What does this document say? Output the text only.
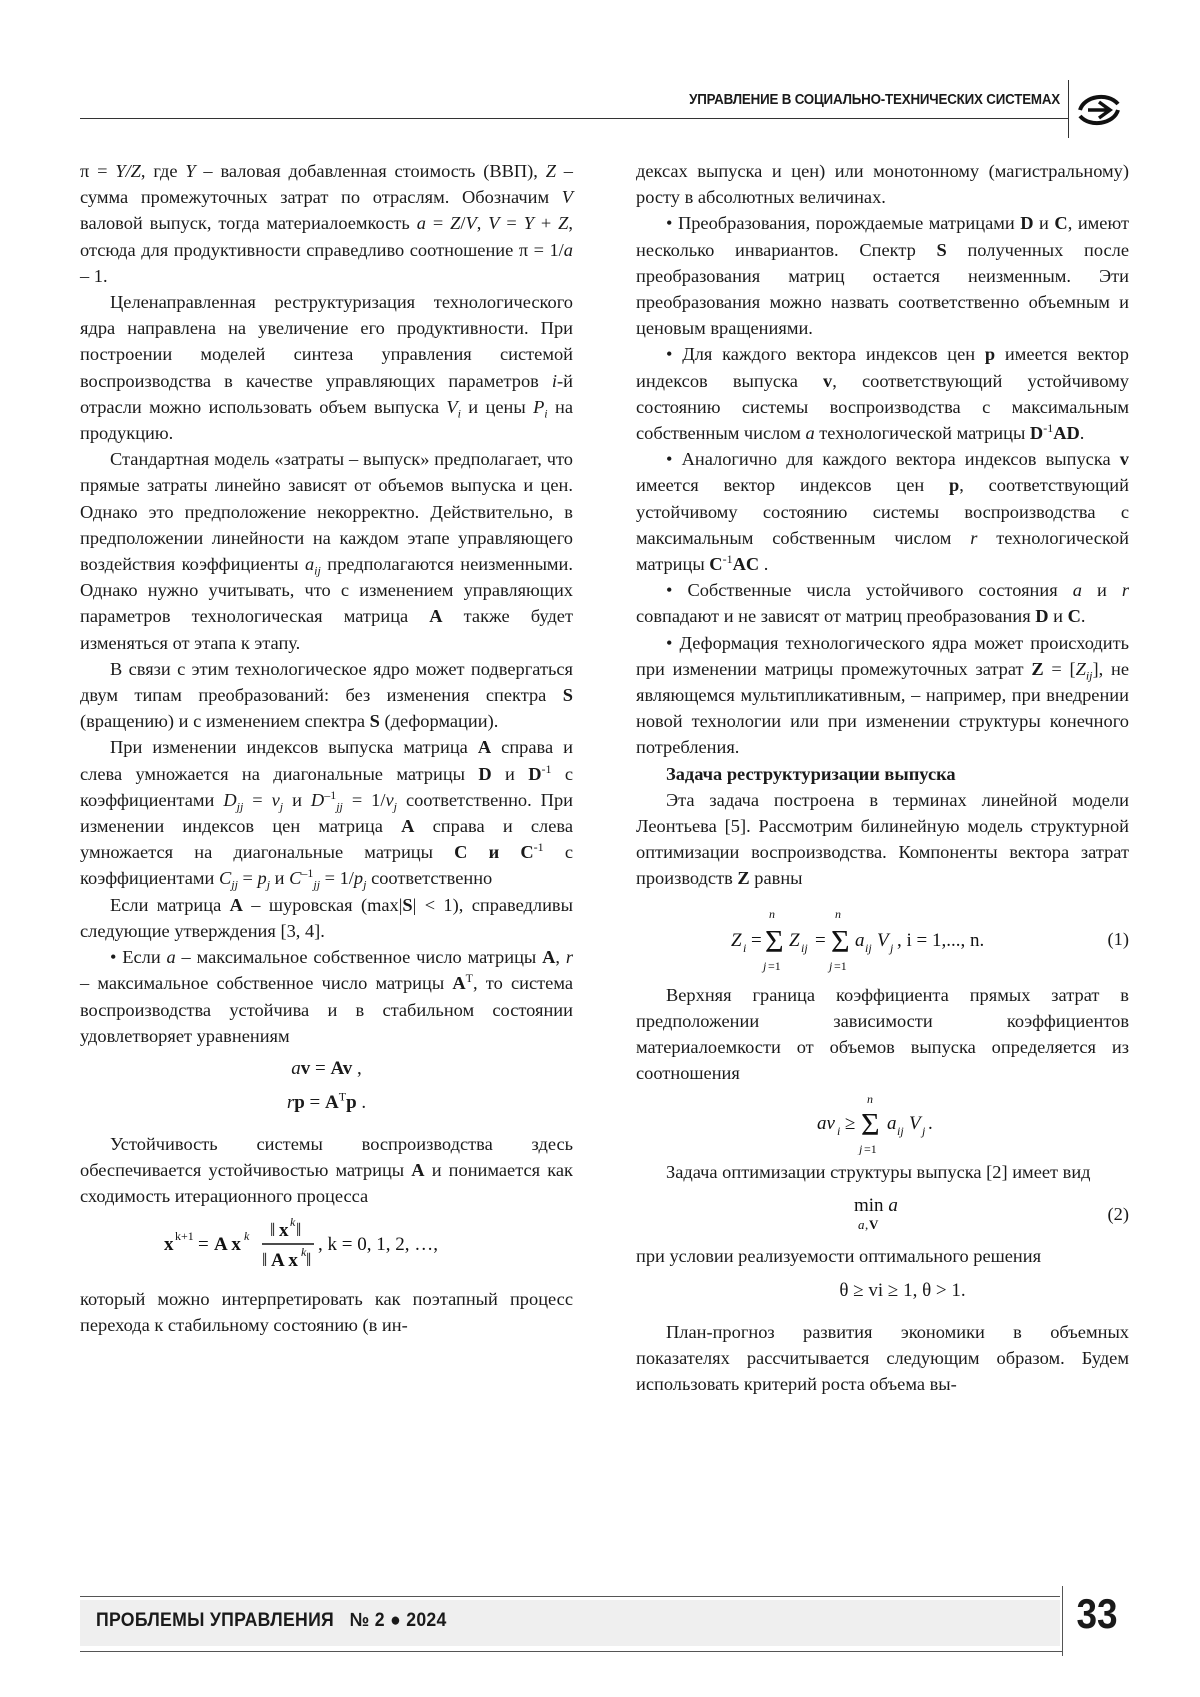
УПРАВЛЕНИЕ В СОЦИАЛЬНО-ТЕХНИЧЕСКИХ СИСТЕМАХ

π = Y/Z, где Y – валовая добавленная стоимость (ВВП), Z – сумма промежуточных затрат по отраслям. Обозначим V валовой выпуск, тогда материалоемкость a = Z/V, V = Y + Z, отсюда для продуктивности справедливо соотношение π = 1/a – 1.

Целенаправленная реструктуризация технологического ядра направлена на увеличение его продуктивности. При построении моделей синтеза управления системой воспроизводства в качестве управляющих параметров i-й отрасли можно использовать объем выпуска $V_i$ и цены $P_i$ на продукцию.

Стандартная модель «затраты – выпуск» предполагает, что прямые затраты линейно зависят от объемов выпуска и цен. Однако это предположение некорректно. Действительно, в предположении линейности на каждом этапе управляющего воздействия коэффициенты $a_{ij}$ предполагаются неизменными. Однако нужно учитывать, что с изменением управляющих параметров технологическая матрица A также будет изменяться от этапа к этапу.

В связи с этим технологическое ядро может подвергаться двум типам преобразований: без изменения спектра S (вращению) и с изменением спектра S (деформации).

При изменении индексов выпуска матрица A справа и слева умножается на диагональные матрицы D и $D^{-1}$ с коэффициентами $D_{jj} = v_j$ и $D^{-1}_{jj} = 1/v_j$ соответственно. При изменении индексов цен матрица A справа и слева умножается на диагональные матрицы C и $C^{-1}$ с коэффициентами $C_{jj} = p_j$ и $C^{-1}_{jj} = 1/p_j$ соответственно

Если матрица A – шуровская (max|S| < 1), справедливы следующие утверждения [3, 4].

• Если a – максимальное собственное число матрицы A, r – максимальное собственное число матрицы $A^T$, то система воспроизводства устойчива и в стабильном состоянии удовлетворяет уравнениям

av = Av ,
rp = $A^Tp$ .

Устойчивость системы воспроизводства здесь обеспечивается устойчивостью матрицы A и понимается как сходимость итерационного процесса

x k+1 = A x k ‖ x k ‖
‖ A x k ‖
, k = 0, 1, 2, …,

который можно интерпретировать как поэтапный процесс перехода к стабильному состоянию (в ин-

дексах выпуска и цен) или монотонному (магистральному) росту в абсолютных величинах.

• Преобразования, порождаемые матрицами D и C, имеют несколько инвариантов. Спектр S полученных после преобразования матриц остается неизменным. Эти преобразования можно назвать соответственно объемным и ценовым вращениями.

• Для каждого вектора индексов цен p имеется вектор индексов выпуска v, соответствующий устойчивому состоянию системы воспроизводства с максимальным собственным числом a технологической матрицы $D^{-1}AD$.

• Аналогично для каждого вектора индексов выпуска v имеется вектор индексов цен p, соответствующий устойчивому состоянию системы воспроизводства с максимальным собственным числом r технологической матрицы $C^{-1}AC$ .

• Собственные числа устойчивого состояния a и r совпадают и не зависят от матриц преобразования D и C.

• Деформация технологического ядра может происходить при изменении матрицы промежуточных затрат $Z = [Z_{ij}]$, не являющемся мультипликативным, – например, при внедрении новой технологии или при изменении структуры конечного потребления.

Задача реструктуризации выпуска

Эта задача построена в терминах линейной модели Леонтьева [5]. Рассмотрим билинейную модель структурной оптимизации воспроизводства. Компоненты вектора затрат производств Z равны

Z i =
n
Σ
j =1
Z ij =
n
Σ
j =1
a ij V j , i = 1,..., n.	(1)

Верхняя граница коэффициента прямых затрат в предположении зависимости коэффициентов материалоемкости от объемов выпуска определяется из соотношения

av i ≥
n
Σ
j =1
a ij V j .

Задача оптимизации структуры выпуска [2] имеет вид

min a
a , V
(2)

при условии реализуемости оптимального решения

θ ≥ vi ≥ 1, θ > 1.

План-прогноз развития экономики в объемных показателях рассчитывается следующим образом. Будем использовать критерий роста объема вы-

ПРОБЛЕМЫ УПРАВЛЕНИЯ № 2 ● 2024	33
